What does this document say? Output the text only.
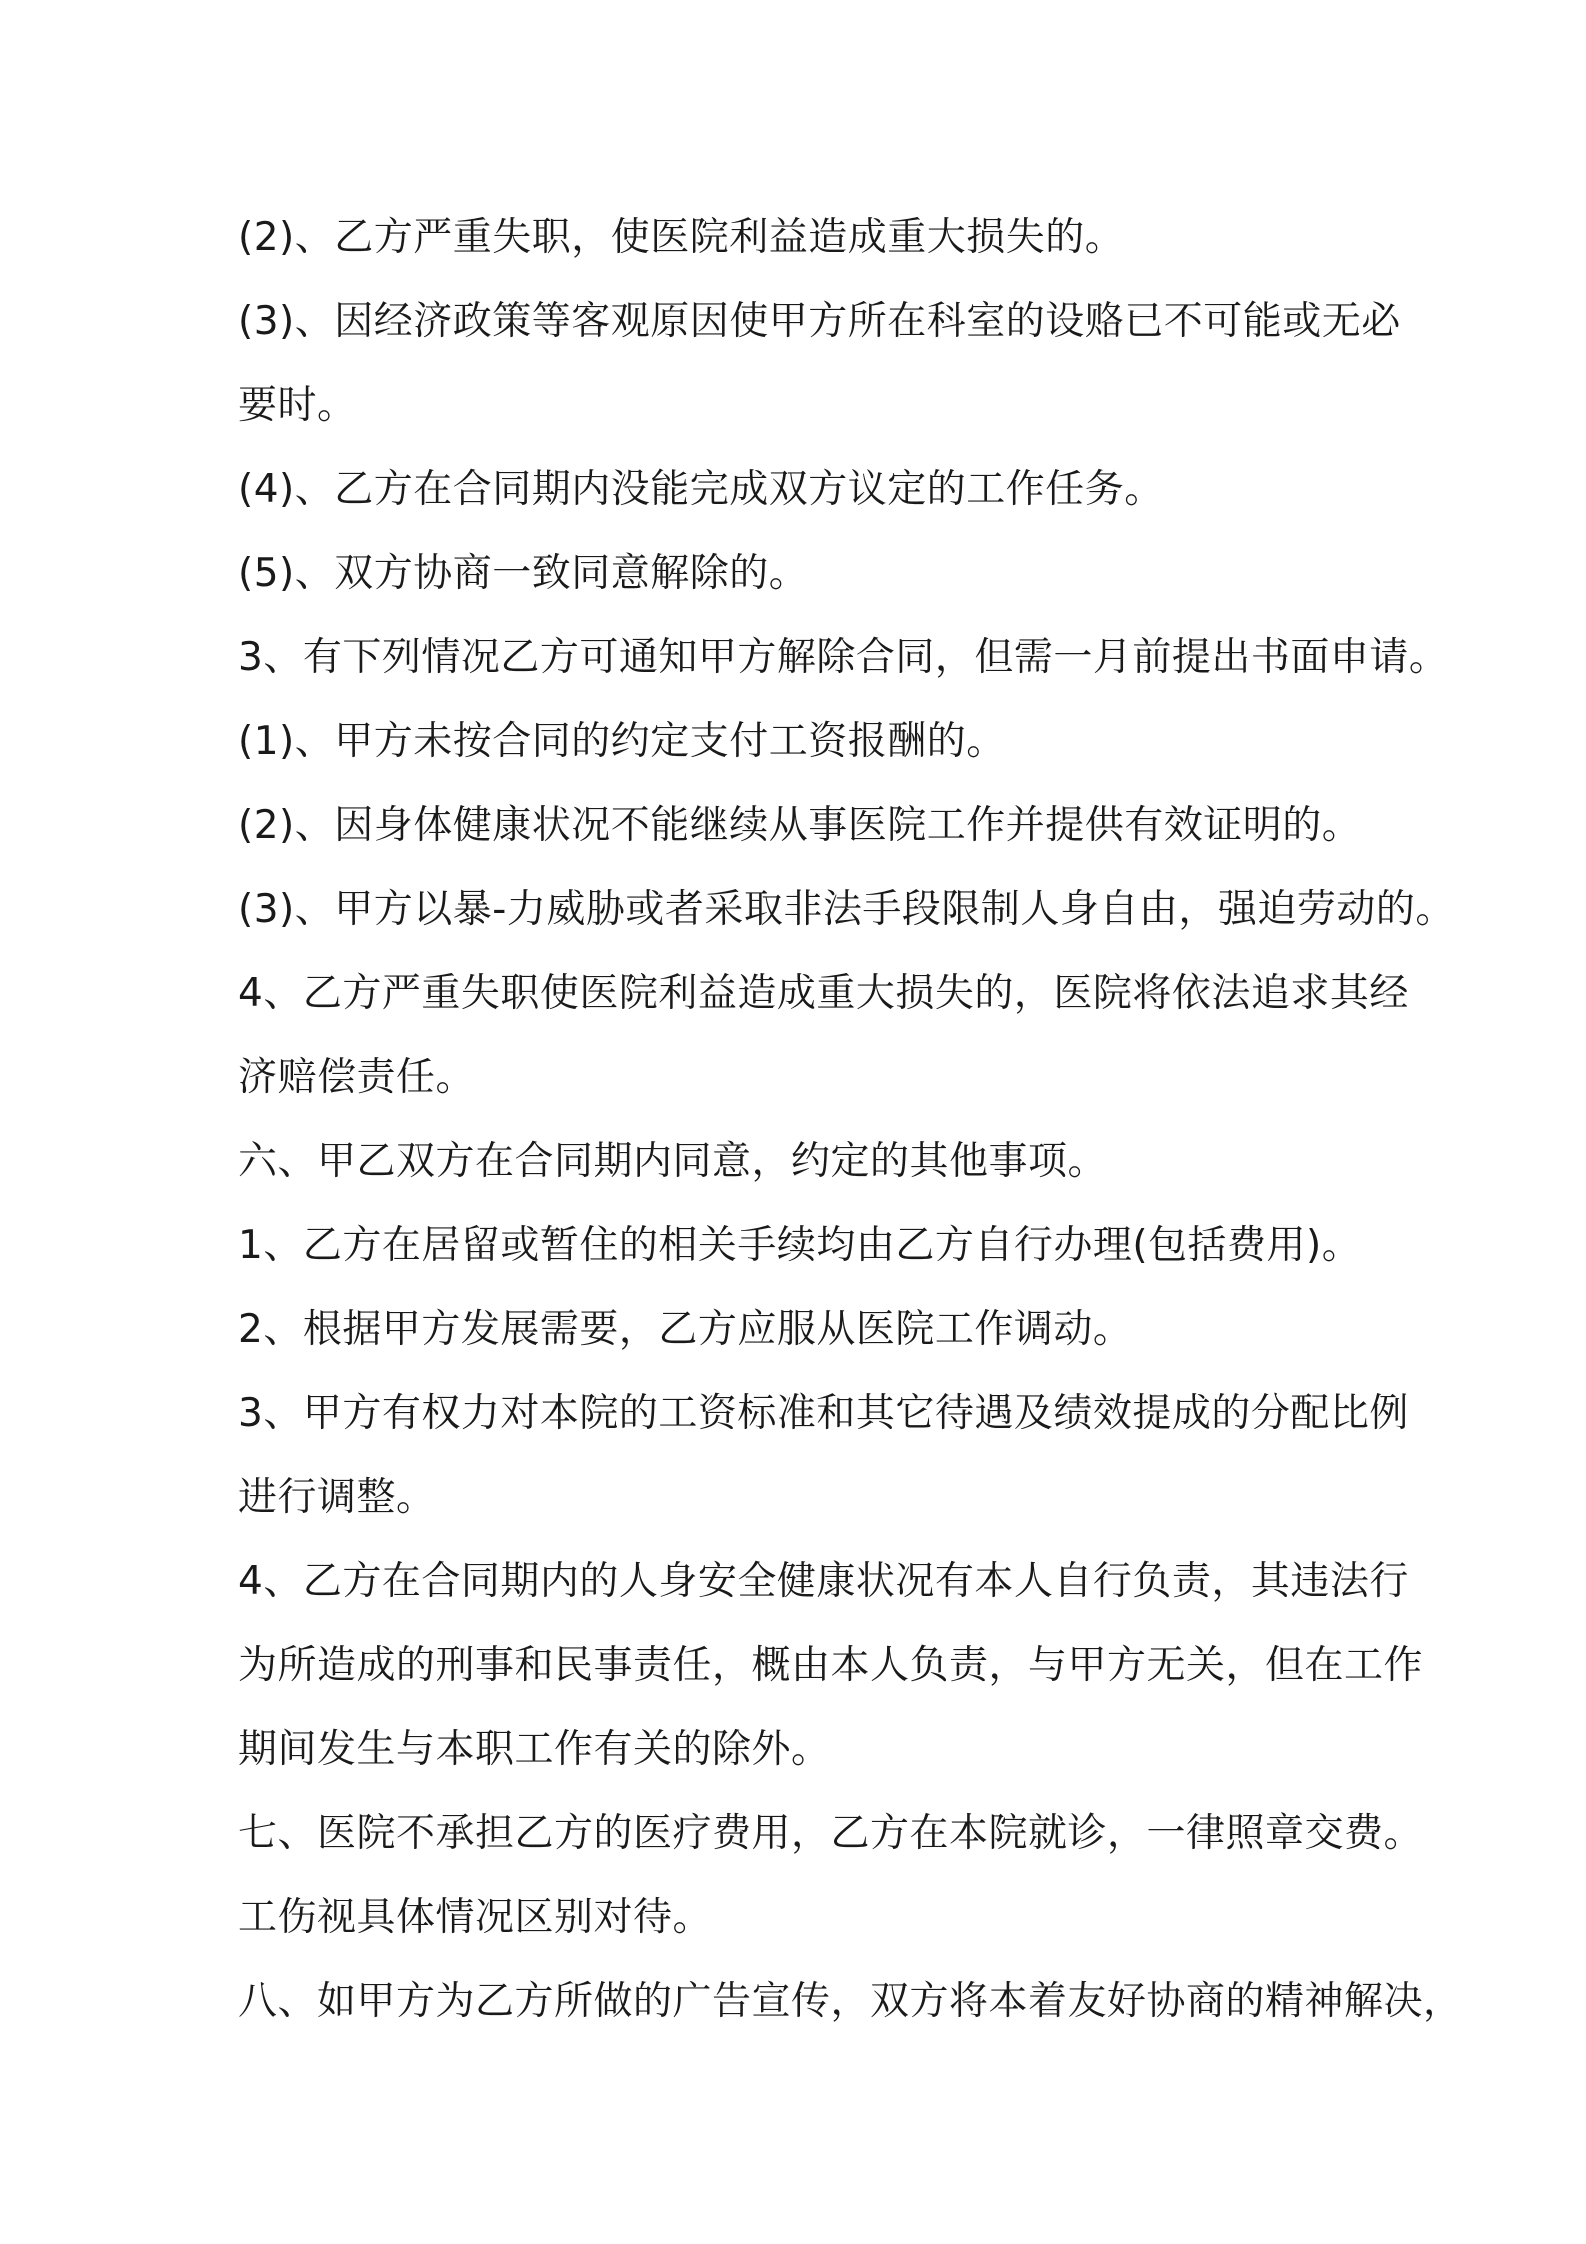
(2)、乙方严重失职，使医院利益造成重大损失的。
(3)、因经济政策等客观原因使甲方所在科室的设赂已不可能或无必
要时。
(4)、乙方在合同期内没能完成双方议定的工作任务。
(5)、双方协商一致同意解除的。
3、有下列情况乙方可通知甲方解除合同，但需一月前提出书面申请。
(1)、甲方未按合同的约定支付工资报酬的。
(2)、因身体健康状况不能继续从事医院工作并提供有效证明的。
(3)、甲方以暴-力威胁或者采取非法手段限制人身自由，强迫劳动的。
4、乙方严重失职使医院利益造成重大损失的，医院将依法追求其经
济赔偿责任。
六、甲乙双方在合同期内同意，约定的其他事项。
1、乙方在居留或暂住的相关手续均由乙方自行办理(包括费用)。
2、根据甲方发展需要，乙方应服从医院工作调动。
3、甲方有权力对本院的工资标准和其它待遇及绩效提成的分配比例
进行调整。
4、乙方在合同期内的人身安全健康状况有本人自行负责，其违法行
为所造成的刑事和民事责任，概由本人负责，与甲方无关，但在工作
期间发生与本职工作有关的除外。
七、医院不承担乙方的医疗费用，乙方在本院就诊，一律照章交费。
工伤视具体情况区别对待。
八、如甲方为乙方所做的广告宣传，双方将本着友好协商的精神解决，
